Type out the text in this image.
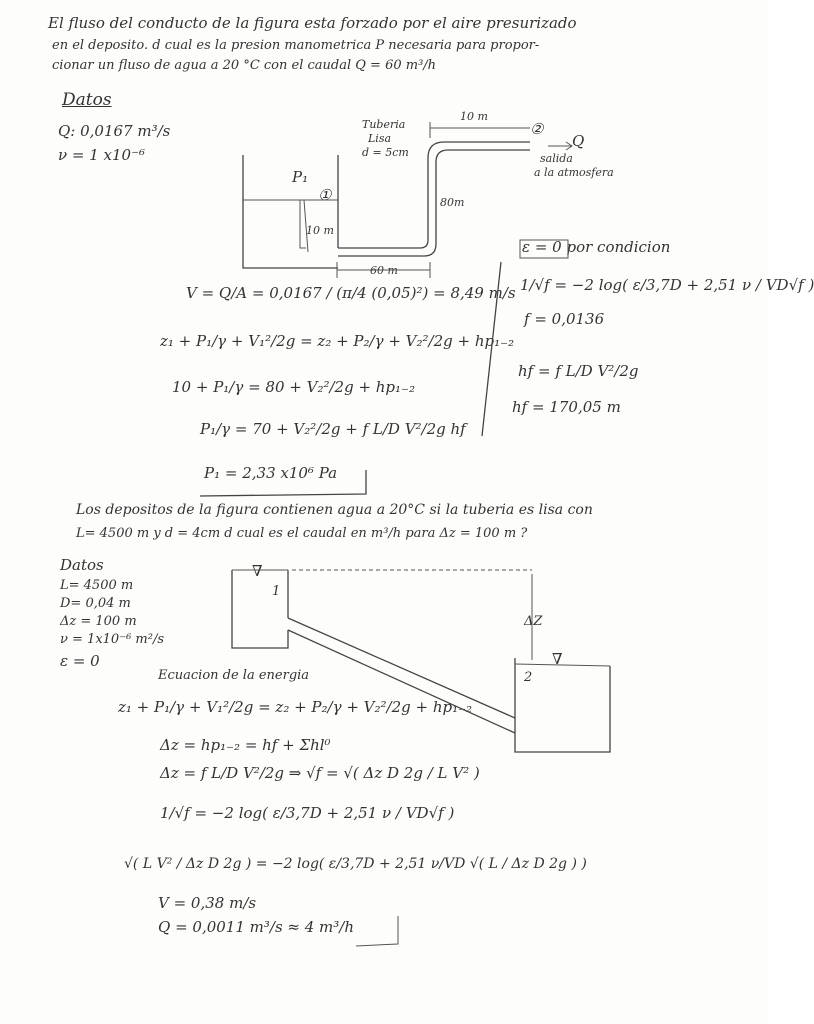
El fluso del conducto de la figura esta forzado por el aire presurizado
en el deposito. d cual es la presion manometrica P necesaria para propor-
cionar un fluso de agua a 20 °C con el caudal Q = 60 m³/h
Datos
Q: 0,0167 m³/s
ν = 1 x10⁻⁶
Tuberia
Lisa
d = 5cm
10 m
②
Q
salida
a la atmosfera
P₁
①
10 m
80m
60 m
V = Q/A = 0,0167 / (π/4 (0,05)²) = 8,49 m/s
z₁ + P₁/γ + V₁²/2g = z₂ + P₂/γ + V₂²/2g + hp₁₋₂
10 + P₁/γ = 80 + V₂²/2g + hp₁₋₂
P₁/γ = 70 + V₂²/2g + f L/D V²/2g hf
P₁ = 2,33 x10⁶ Pa
ε = 0 por condicion
1/√f = −2 log( ε/3,7D + 2,51 ν / VD√f )
f = 0,0136
hf = f L/D V²/2g
hf = 170,05 m
Los depositos de la figura contienen agua a 20°C si la tuberia es lisa con
L= 4500 m y d = 4cm d cual es el caudal en m³/h para Δz = 100 m ?
Datos
L= 4500 m
D= 0,04 m
Δz = 100 m
ν = 1x10⁻⁶ m²/s
ε = 0
∇
1
ΔZ
∇
2
Ecuacion de la energia
z₁ + P₁/γ + V₁²/2g = z₂ + P₂/γ + V₂²/2g + hp₁₋₂
Δz = hp₁₋₂ = hf + Σhl⁰
Δz = f L/D V²/2g ⇒ √f = √( Δz D 2g / L V² )
1/√f = −2 log( ε/3,7D + 2,51 ν / VD√f )
√( L V² / Δz D 2g ) = −2 log( ε/3,7D + 2,51 ν/VD √( L / Δz D 2g ) )
V = 0,38 m/s
Q = 0,0011 m³/s ≈ 4 m³/h
